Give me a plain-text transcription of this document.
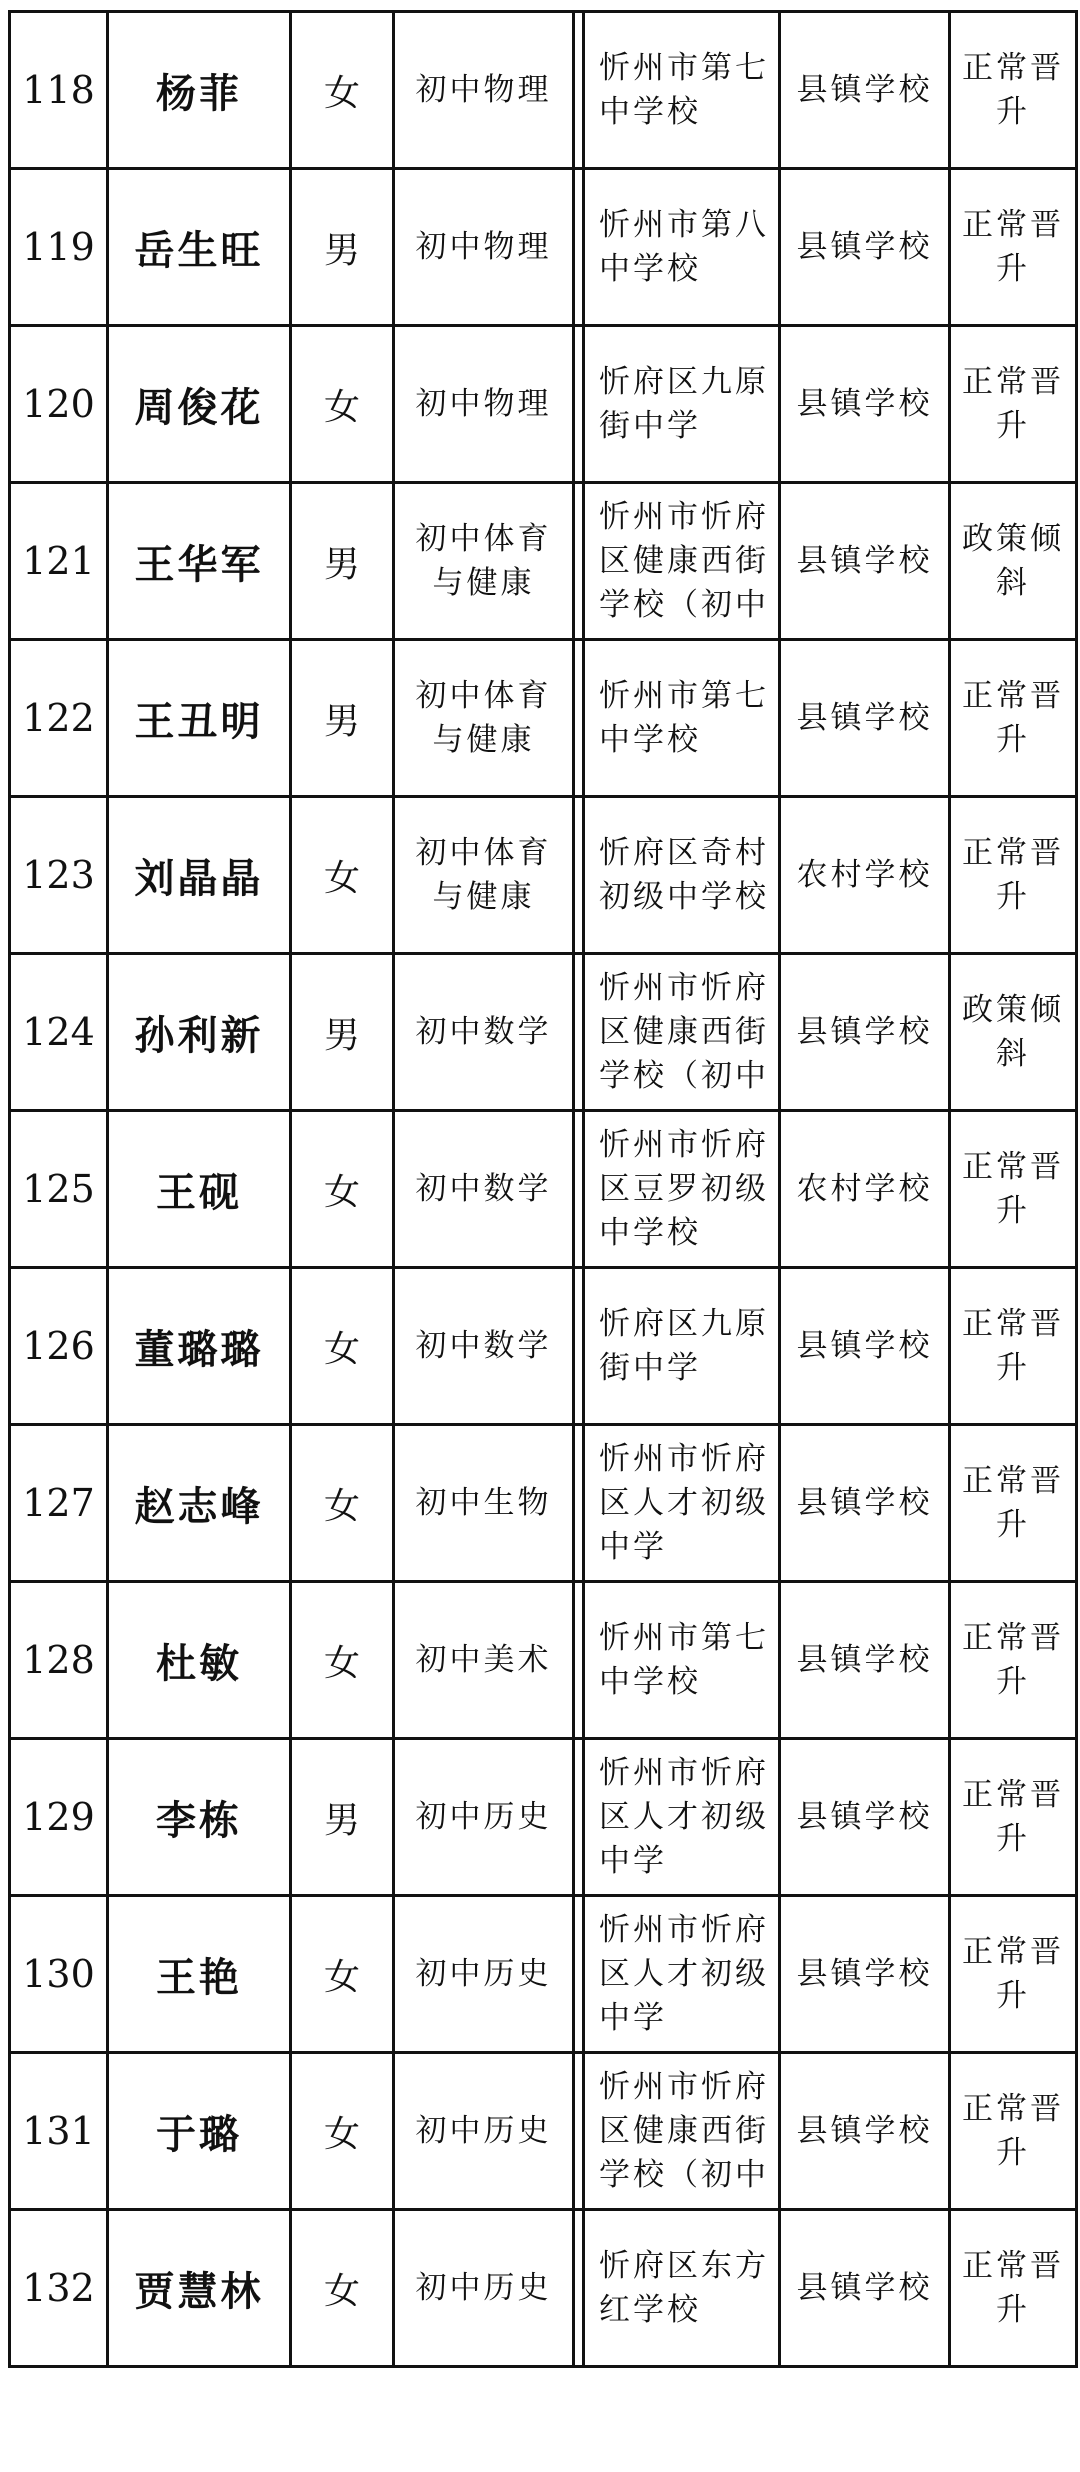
118	杨菲	女	初中物理		忻州市第七中学校	县镇学校	正常晋升

119	岳生旺	男	初中物理		忻州市第八中学校	县镇学校	正常晋升

120	周俊花	女	初中物理		忻府区九原街中学	县镇学校	正常晋升

121	王华军	男	初中体育与健康		忻州市忻府区健康西街学校（初中	县镇学校	政策倾斜

122	王丑明	男	初中体育与健康		忻州市第七中学校	县镇学校	正常晋升

123	刘晶晶	女	初中体育与健康		忻府区奇村初级中学校	农村学校	正常晋升

124	孙利新	男	初中数学		忻州市忻府区健康西街学校（初中	县镇学校	政策倾斜

125	王砚	女	初中数学		忻州市忻府区豆罗初级中学校	农村学校	正常晋升

126	董璐璐	女	初中数学		忻府区九原街中学	县镇学校	正常晋升

127	赵志峰	女	初中生物		忻州市忻府区人才初级中学	县镇学校	正常晋升

128	杜敏	女	初中美术		忻州市第七中学校	县镇学校	正常晋升

129	李栋	男	初中历史		忻州市忻府区人才初级中学	县镇学校	正常晋升

130	王艳	女	初中历史		忻州市忻府区人才初级中学	县镇学校	正常晋升

131	于璐	女	初中历史		忻州市忻府区健康西街学校（初中	县镇学校	正常晋升

132	贾慧林	女	初中历史		忻府区东方红学校	县镇学校	正常晋升
